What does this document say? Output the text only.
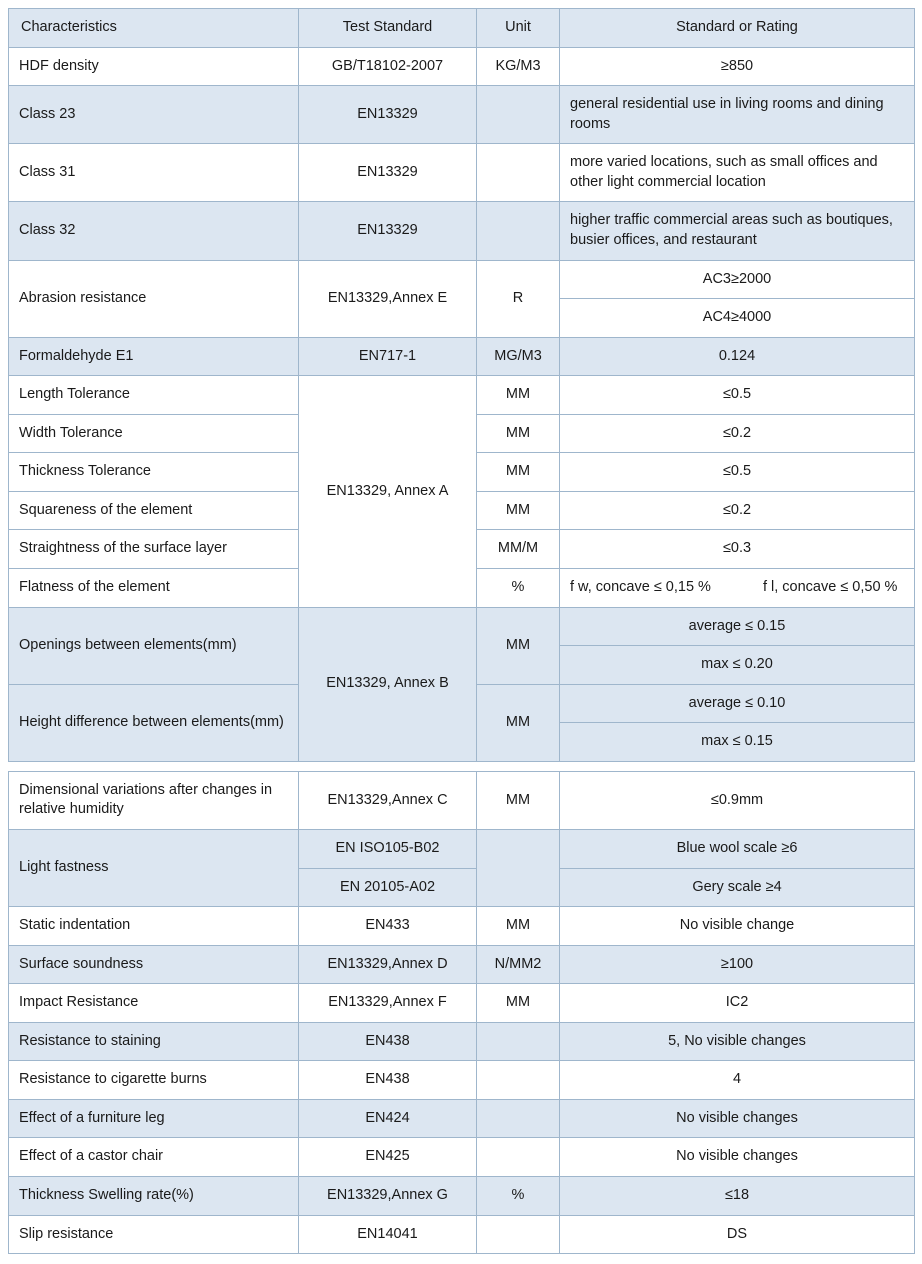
Characteristics	Test Standard	Unit	Standard or Rating
HDF density	GB/T18102-2007	KG/M3	≥850
Class 23	EN13329		general residential use in living rooms and dining rooms
Class 31	EN13329		more varied locations, such as small offices and other light commercial location
Class 32	EN13329		higher traffic commercial areas such as boutiques, busier offices, and restaurant
Abrasion resistance	EN13329,Annex E	R	AC3≥2000
			AC4≥4000
Formaldehyde E1	EN717-1	MG/M3	0.124
Length Tolerance	EN13329, Annex A	MM	≤0.5
Width Tolerance		MM	≤0.2
Thickness Tolerance		MM	≤0.5
Squareness of the element		MM	≤0.2
Straightness of the surface layer		MM/M	≤0.3
Flatness of the element		%	f w, concave ≤ 0,15 % f l, concave ≤ 0,50 %
Openings between elements(mm)	EN13329, Annex B	MM	average ≤ 0.15
			max ≤ 0.20
Height difference between elements(mm)		MM	average ≤ 0.10
			max ≤ 0.15
Dimensional variations after changes in relative humidity	EN13329,Annex C	MM	≤0.9mm
Light fastness	EN ISO105-B02		Blue wool scale ≥6
	EN 20105-A02		Gery scale ≥4
Static indentation	EN433	MM	No visible change
Surface soundness	EN13329,Annex D	N/MM2	≥100
Impact Resistance	EN13329,Annex F	MM	IC2
Resistance to staining	EN438		5, No visible changes
Resistance to cigarette burns	EN438		4
Effect of a furniture leg	EN424		No visible changes
Effect of a castor chair	EN425		No visible changes
Thickness Swelling rate(%)	EN13329,Annex G	%	≤18
Slip resistance	EN14041		DS
